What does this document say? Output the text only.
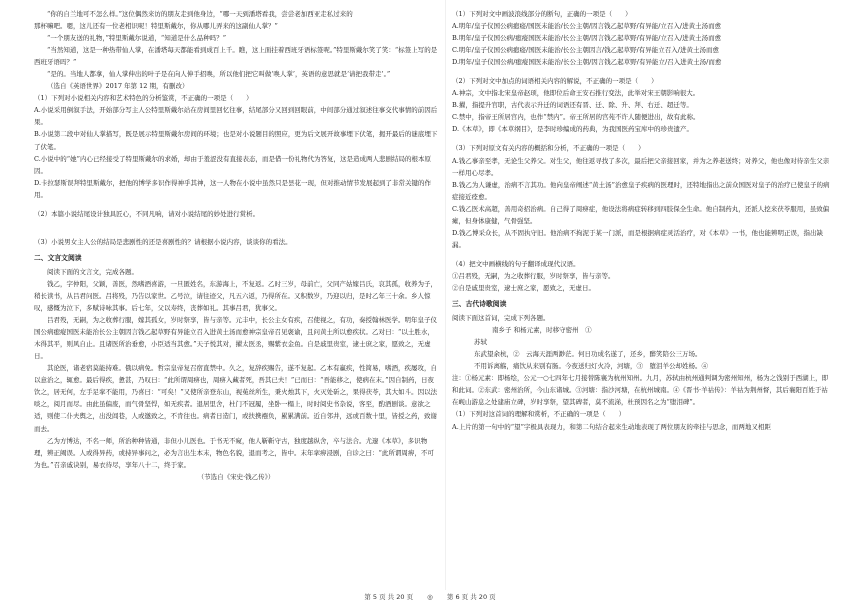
“你的自兰地可不怎么样。”这位偶然来访的朋友走到他身边，“哪一天到潘塔看我，尝尝老加西亚走私过来的

那杯嘛吧。嗯，这儿还有一位老相识呢！特里斯戴尔，你从哪儿弄来的这副仙人掌？”

“一个朋友送的礼物，”特里斯戴尔说道，“知道是什么品种吗？”

“当然知道，这是一种热带仙人掌，在潘塔每天都能看到成百上千。瞧，这上面挂着西班牙语标签呢。”特里斯戴尔笑了笑：“标签上写的是西班牙语吗？”

“是的。当地人都拿，仙人掌伸出的叶子是在向人伸手招唤，所以他们把它叫做‘唤人掌’，英语的意思就是‘请把我带走’。”

（选自《英语世界》2017 年第 12 期，有删改）

（1）下列对小说相关内容和艺术特色的分析鉴赏，不正确的一项是（　　）

A.小说采用倒叙手法，开始部分写主人公特里斯戴尔站在房间里回忆往事，结尾部分又回到回眼前，中间部分通过叙述往事交代事情的前因后果。

B.小说第二段中对仙人掌描写，既是展示特里斯戴尔房间的环境；也是对小说题目的照应，更为后文展开故事埋下伏笔，揭开最后的谜底埋下了伏笔。

C.小说中的“她”内心已经接受了特里斯戴尔的求婚，却由于羞涩没有直接表态，而是借一份礼物代为答复，这是造成两人悲剧结局的根本原因。

D.卡拉瑟斯误拜特里斯戴尔，把他的博学多识作得神乎其神，这一人物在小说中虽然只是昙花一现，但对推动情节发展起到了非常关键的作用。

（2）本篇小说结尾设计独具匠心，不同凡响，请对小说结尾的妙处进行赏析。

（3）小说男女主人公的结局是悲剧性的还是喜剧性的？请根据小说内容，谈谈你的看法。

二、文言文阅读

阅读下面的文言文，完成各题。

钱乙，字仲阳，父颖，善医，然嗜酒喜游，一旦匿姓名，东游海上，不复返。乙时三岁，母前亡，父同产姑嫁吕氏，哀其孤，收养为子，稍长读书，从吕君问医。吕将殁，乃告以家世。乙号泣，请往迹父，凡五六返，乃得所在。又积数岁，乃迎以归，是时乙年三十余。乡人惊叹，感慨为泣下，多赋诗咏其事。后七年，父以寿终，丧葬如礼。其事吕君，犹事父。

吕君殁，无嗣，为之收葬行服，嫁其孤女，岁时祭享，皆与亲等。元丰中，长公主女有疾，召使视之，有功，奏授翰林医学。明年皇子仪国公病瘛瘲国医未能治长公主朝因言钱乙起草野有异能立召入进黄土汤而愈神宗皇帝召见褒谕，且问黄土所以愈疾状。乙对曰：“以土胜水，木得其平，则风自止。且诸医所治垂愈，小臣适当其愈。”天子悦其对，擢太医丞，赐紫衣金鱼。自是戚里贵室，逮士庶之家，愿致之，无虚日。

其论医，诸老宿莫能持难。俄以病免。哲宗皇帝复召宿直禁中。久之，复辞疾赐告，遂不复起。乙本有羸疾，性简易，嗜酒，疾屡攻，自以意治之，辄愈。最后得疾，惫甚，乃叹曰：“此所谓周痹也，周痹入藏者死，吾其已夫！”已而曰：“吾能移之，使病在末。”因自制药，日夜饮之，居无何，左手足挛不能用，乃喜曰：“可矣！”又使所亲登东山，视菟丝所生，秉火烛其下，火灭处斫之，果得茯苓，其大如斗。因以法啖之，阅月而尽。由此虽偏废，而气骨坚悍，如无疾者。退居里舍，杜门不冠履，坐卧一榻上，时时阅史书杂说，客至，酌酒剧谈。意欲之适，则使二仆夫舆之，出没闾巷，人或邀致之，不肯往也。病者日造门，或扶携襁负，累累满前。近自邻井，远或百数十里，皆授之药，致谢而去。

乙为方博达，不名一师，所治种种皆通，非但小儿医也。于书无不窥，他人靳靳守古，独度越纵舍，卒与法合。尤邃《本草》，多识物理，辨正阙误。人或得异药，或持异事问之，必为言出生本末，物色名貌，退而考之，皆中。末年挛痹浸剧，自诊之曰：“此所谓周痹，不可为也。”召亲戚诀别，易衣待尽，享年八十二，终于家。

（节选自《宋史·钱乙传》）

（1）下列对文中画波浪线部分的断句，正确的一项是（　　）

A.明年/皇子仪国公病瘛瘲/国医未能治/长公主朝/因言钱乙起草野/有异能/立召入/进黄土汤而愈

B.明年/皇子仪国公病/瘛瘲国医未能治/长公主朝/因言钱乙起草野/有异能/立召入/进黄土汤而愈

C.明年/皇子仪国公病瘛瘲/国医未能治/长公主朝因言/钱乙起草野/有异能立召入/进黄土汤而愈

D.明年/皇子仪国公病/瘛瘲国医未能治/长公主朝/因言钱乙起草野/有异能立/召入进黄土汤/而愈

（2）下列对文中加点的词语相关内容的解说，不正确的一项是（　　）

A.神宗，文中指北宋皇帝赵顼，他即位后命王安石推行变法，此举对宋王朝影响很大。

B.擢，指提升官职，古代表示升迁的词语还有晋、迁、除、升、拜、右迁、超迁等。

C.禁中，指帝王所居宫内，也作“禁内”。帝王所居的宫苑不许人随便进出，故有此称。

D.《本草》，即《本草纲目》，是李时珍编成的药典，为我国医药宝库中的珍贵遗产。

（3）下列对原文有关内容的概括和分析，不正确的一项是（　　）

A.钱乙事亲至孝，无论生父养父。对生父，他往返寻找了多次，最后把父亲接回家，并为之养老送终；对养父，他也像对待亲生父亲一样用心尽孝。

B.钱乙为人谦虚，治病不言其功。他向皇帝阐述“黄土汤”治愈皇子疾病的医理时，还特地指出之前众国医对皇子的治疗已使皇子的病症接近痊愈。

C.钱乙医术高超，善用奇招治病。自己得了周痹症，他设法将病症转移到四肢保全生命。他自制药丸，还派人挖来茯苓服用，虽致偏瘫，但身体康健，气骨强坚。

D.钱乙博采众长，从不固执守旧。他治病不拘泥于某一门派，而是根据病症灵活治疗，对《本草》一书，他也能辨明正误，指出缺漏。

（4）把文中画横线的句子翻译成现代汉语。

①吕君殁，无嗣，为之收葬行服，岁时祭享，皆与亲等。

②自是戚里贵室，逮士庶之家，愿致之，无虚日。

三、古代诗歌阅读

阅读下面这首词，完成下列各题。

南乡子 和杨元素，时移守密州　①

苏轼

东武望余杭，②　云海天涯两渺茫。何日功成名遂了，还乡，醉笑陪公三万场。

不用诉离觞，痛饮从来别有肠。今夜送归灯火冷，河塘，③　堕泪羊公却姓杨。④

注：①杨元素：即杨绘，公元一○七四年七月接替陈襄为杭州知州。九月，苏轼由杭州通判调为密州知州，杨为之饯别于西湖上，即和此词。②东武：密州治所，今山东诸城。③河塘：指沙河塘，在杭州城南。④《晋书·羊祜传》：羊祜为荆州督，其后襄阳百姓于祜在岘山游息之处建庙立碑，岁时享祭，望其碑者，莫不流涕，杜预因名之为“堕泪碑”。

（1）下列对这首词的理解和赏析，不正确的一项是（　　）

A.上片的第一句中的“望”字极具表现力，和第二句结合起来生动地表现了两位朋友的牵挂与思念，而两地又相距

第 5 页 共 20 页 ◎ 第 6 页 共 20 页
